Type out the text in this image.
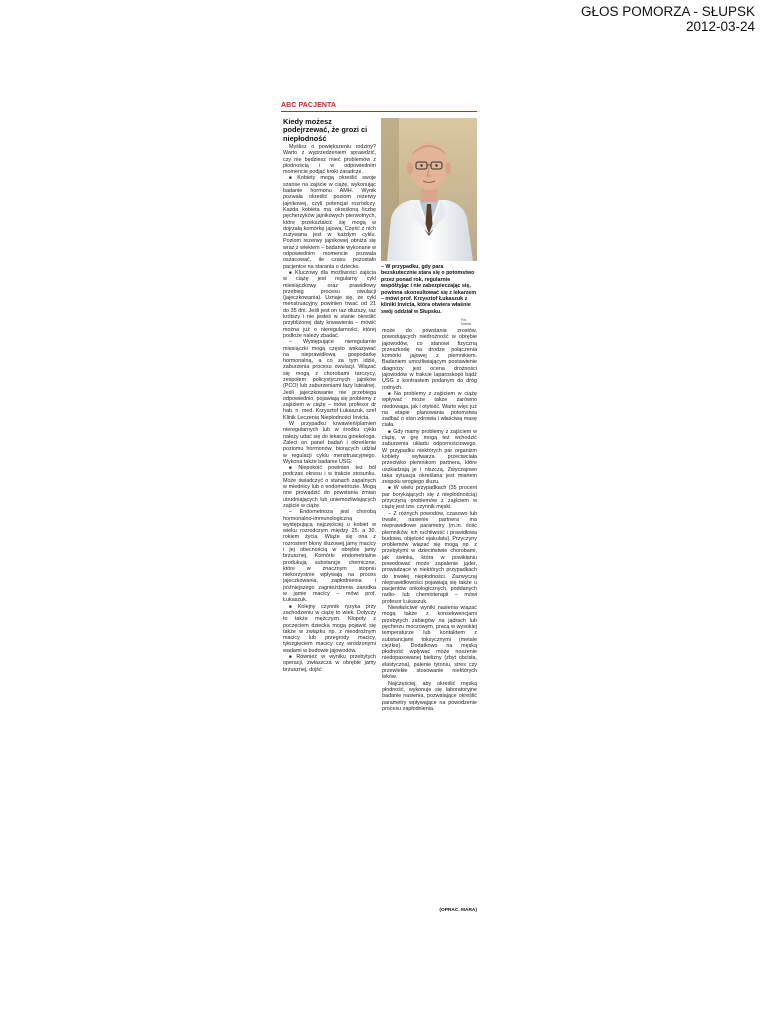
GŁOS POMORZA - SŁUPSK
2012-03-24
ABC PACJENTA
Kiedy możesz podejrzewać, że grozi ci niepłodność
– W przypadku, gdy para bezskutecznie stara się o potomstwo przez ponad rok, regularnie współżyjąc i nie zabezpieczając się, powinna skonsultować się z lekarzem – mówi prof. Krzysztof Łukaszuk z kliniki Invicta, która otwiera właśnie swój oddział w Słupsku.
Fot. Invicta

Myślisz o powiększeniu rodziny? Warto z wyprzedzeniem sprawdzić, czy nie będziesz mieć problemów z płodnością i w odpowiednim momencie podjąć kroki zaradcze.

■ Kobiety mogą określić swoje szanse na zajście w ciążę, wykonując badanie hormonu AMH. Wynik pozwala określić poziom rezerwy jajnikowej, czyli potencjał rozrodczy. Każda kobieta ma określoną liczbę pęcherzyków jajnikowych pierwotnych, które przekształcić się mogą w dojrzałą komórkę jajową. Część z nich zużywana jest w każdym cyklu. Poziom rezerwy jajnikowej obniża się wraz z wiekiem – badanie wykonane w odpowiednim momencie pozwala oszacować, ile czasu pozostało pacjentce na starania o dziecko.

■ Kluczowy dla możliwości zajścia w ciążę jest regularny cykl miesiączkowy oraz prawidłowy przebieg procesu owulacji (jajeczkowania). Uznaje się, że cykl menstruacyjny powinien trwać od 21 do 35 dni. Jeśli jest on raz dłuższy, raz krótszy i nie jesteś w stanie określić przybliżonej daty krwawienia – mówić można już o nieregularności, której podłoże należy zbadać.

– Występujące nieregularnie miesiączki mogą często wskazywać na nieprawidłową gospodarkę hormonalną, a co za tym idzie, zaburzenia procesu owulacji. Wiązać się mogą z chorobami tarczycy, zespołem policystycznych jajników (PCO) lub zaburzeniami fazy lutealnej. Jeśli jajeczkowanie nie przebiega odpowiednio, pojawiają się problemy z zajściem w ciążę – mówi profesor dr hab. n. med. Krzysztof Łukaszuk, szef Klinik Leczenia Niepłodności Invicta.

W przypadku krwawień/plamień nieregularnych lub w środku cyklu należy udać się do lekarza ginekologa. Zaleci on panel badań i określenie poziomu hormonów, biorących udział w regulacji cyklu menstruacyjnego. Wykona także badanie USG.

■ Niepokoić powinien też ból podczas okresu i w trakcie stosunku. Może świadczyć o stanach zapalnych w miednicy lub o endometriozie. Mogą one prowadzić do powstania zmian utrudniających lub uniemożliwiających zajście w ciążę.

– Endometrioza jest chorobą hormonalno-immunologiczną występującą najczęściej u kobiet w wieku rozrodczym między 25. a 30. rokiem życia. Wiąże się ona z rozrostem błony śluzowej jamy macicy i jej obecnością w obrębie jamy brzusznej. Komórki endometrialne produkują substancje chemiczne, które w znacznym stopniu niekorzystnie wpływają na proces jajeczkowania, zapłodnienia i późniejszego zagnieżdżenia zarodka w jamie macicy – mówi prof. Łukaszuk.

■ Kolejny czynnik ryzyka przy zachodzeniu w ciążę to wiek. Dotyczy to także mężczyzn. Kłopoty z poczęciem dziecka mogą pojawić się także w związku np. z nieodrożnym macicy lub przegrody macicy, tyłozgięciem macicy czy wrodzonymi wadami w budowie jajowodów.

■ Również w wyniku przebytych operacji, zwłaszcza w obrębie jamy brzusznej, dojść

może do powstania zrostów, powodujących niedrożność w obrębie jajowodów, co stanowi fizyczną przeszkodę na drodze połączenia komórki jajowej z plemnikiem. Badaniem umożliwiającym postawienie diagnozy jest ocena drożności jajowodów w trakcie laparoskopii bądź USG z kontrastem podanym do dróg rodnych.

■ Na problemy z zajściem w ciążę wpływać może także zarówno niedowaga, jak i otyłość. Warto więc już na etapie planowania potomstwa zadbać o stan zdrowia i właściwą masę ciała.

■ Gdy mamy problemy z zajściem w ciążę, w grę mogą też wchodzić zaburzenia układu odpornościowego. W przypadku niektórych par organizm kobiety wytwarza przeciwciała przeciwko plemnikom partnera, które uszkadzają je i niszczą. Zwyczajowo taka sytuacja określana jest mianem zespołu wrogiego śluzu.

■ W wielu przypadkach (35 procent par borykających się z niepłodnością) przyczyną problemów z zajściem w ciążę jest tzw. czynnik męski.

– Z różnych powodów, czasowo lub trwale, nasienie partnera ma nieprawidłowe parametry (m.in. ilość plemników, ich ruchliwość i prawidłowa budowa, objętość ejakulatu). Przyczyny problemów wiązać się mogą np. z przebytymi w dzieciństwie chorobami, jak świnka, która w powikłaniu powodować może zapalenie jąder, prowadzące w niektórych przypadkach do trwałej niepłodności. Zazwyczaj nieprawidłowości pojawiają się także u pacjentów onkologicznych, poddanych radio- lub chemioterapii – mówi profesor Łukaszuk.

Niewłaściwe wyniki nasienia wiązać mogą także z konsekwencjami przebytych zabiegów na jądrach lub pęcherzu moczowym, pracą w wysokiej temperaturze lub kontaktem z substancjami toksycznymi (metale ciężkie). Dodatkowo na męską płodność wpływać może noszenie niedopasowanej bielizny (zbyt obcisła, elastyczna), palenie tytoniu, stres czy przewlekłe stosowanie niektórych leków.

Najczęściej, aby określić męską płodność, wykonuje się laboratoryjne badanie nasienia, pozwalające określić parametry wpływające na powodzenie procesu zapłodnienia.

(OPRAC. MARA)
